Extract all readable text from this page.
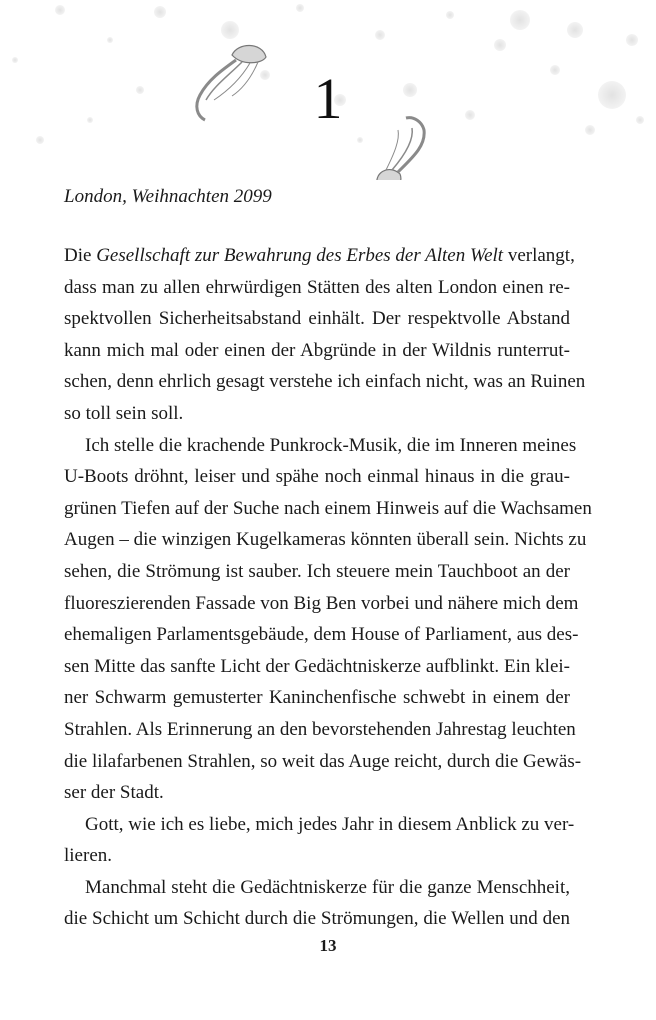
1
London, Weihnachten 2099
Die Gesellschaft zur Bewahrung des Erbes der Alten Welt verlangt,
dass man zu allen ehrwürdigen Stätten des alten London einen re-
spektvollen Sicherheitsabstand einhält. Der respektvolle Abstand
kann mich mal oder einen der Abgründe in der Wildnis runterrut-
schen, denn ehrlich gesagt verstehe ich einfach nicht, was an Ruinen
so toll sein soll.
Ich stelle die krachende Punkrock-Musik, die im Inneren meines
U-Boots dröhnt, leiser und spähe noch einmal hinaus in die grau-
grünen Tiefen auf der Suche nach einem Hinweis auf die Wachsamen
Augen – die winzigen Kugelkameras könnten überall sein. Nichts zu
sehen, die Strömung ist sauber. Ich steuere mein Tauchboot an der
fluoreszierenden Fassade von Big Ben vorbei und nähere mich dem
ehemaligen Parlamentsgebäude, dem House of Parliament, aus des-
sen Mitte das sanfte Licht der Gedächtniskerze aufblinkt. Ein klei-
ner Schwarm gemusterter Kaninchenfische schwebt in einem der
Strahlen. Als Erinnerung an den bevorstehenden Jahrestag leuchten
die lilafarbenen Strahlen, so weit das Auge reicht, durch die Gewäs-
ser der Stadt.
Gott, wie ich es liebe, mich jedes Jahr in diesem Anblick zu ver-
lieren.
Manchmal steht die Gedächtniskerze für die ganze Menschheit,
die Schicht um Schicht durch die Strömungen, die Wellen und den
13
